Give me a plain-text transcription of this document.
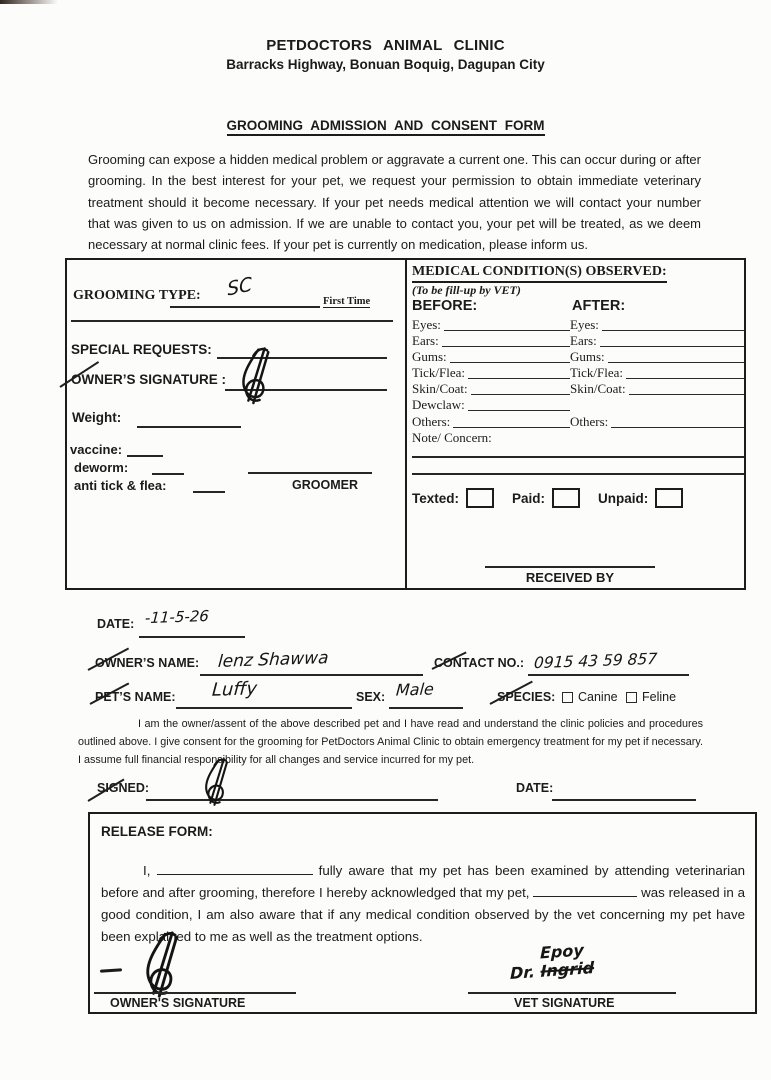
PETDOCTORS ANIMAL CLINIC
Barracks Highway, Bonuan Boquig, Dagupan City
GROOMING ADMISSION AND CONSENT FORM
Grooming can expose a hidden medical problem or aggravate a current one. This can occur during or after grooming. In the best interest for your pet, we request your permission to obtain immediate veterinary treatment should it become necessary. If your pet needs medical attention we will contact your number that was given to us on admission. If we are unable to contact you, your pet will be treated, as we deem necessary at normal clinic fees. If your pet is currently on medication, please inform us.
GROOMING TYPE: SC
First Time
SPECIAL REQUESTS:
OWNER’S SIGNATURE :
Weight:
vaccine:
deworm:
anti tick & flea:	GROOMER
MEDICAL CONDITION(S) OBSERVED:
(To be fill-up by VET)
BEFORE:	AFTER:
Eyes:	Eyes:
Ears:	Ears:
Gums:	Gums:
Tick/Flea:	Tick/Flea:
Skin/Coat:	Skin/Coat:
Dewclaw:
Others:	Others:
Note/ Concern:
Texted:	Paid:	Unpaid:
RECEIVED BY
DATE: -11-5-26
OWNER’S NAME: lenz Shawwa	CONTACT NO.: 0915 43 59 857
PET’S NAME: Luffy	SEX: Male	SPECIES:	Canine	Feline
I am the owner/assent of the above described pet and I have read and understand the clinic policies and procedures outlined above. I give consent for the grooming for PetDoctors Animal Clinic to obtain emergency treatment for my pet if necessary. I assume full financial responsibility for all changes and service incurred for my pet.
SIGNED:	DATE:
RELEASE FORM:
I,	fully aware that my pet has been examined by attending veterinarian before and after grooming, therefore I hereby acknowledged that my pet,	was released in a good condition, I am also aware that if any medical condition observed by the vet concerning my pet have been explained to me as well as the treatment options.
OWNER'S SIGNATURE
Epoy
Dr. Ingrid
VET SIGNATURE
